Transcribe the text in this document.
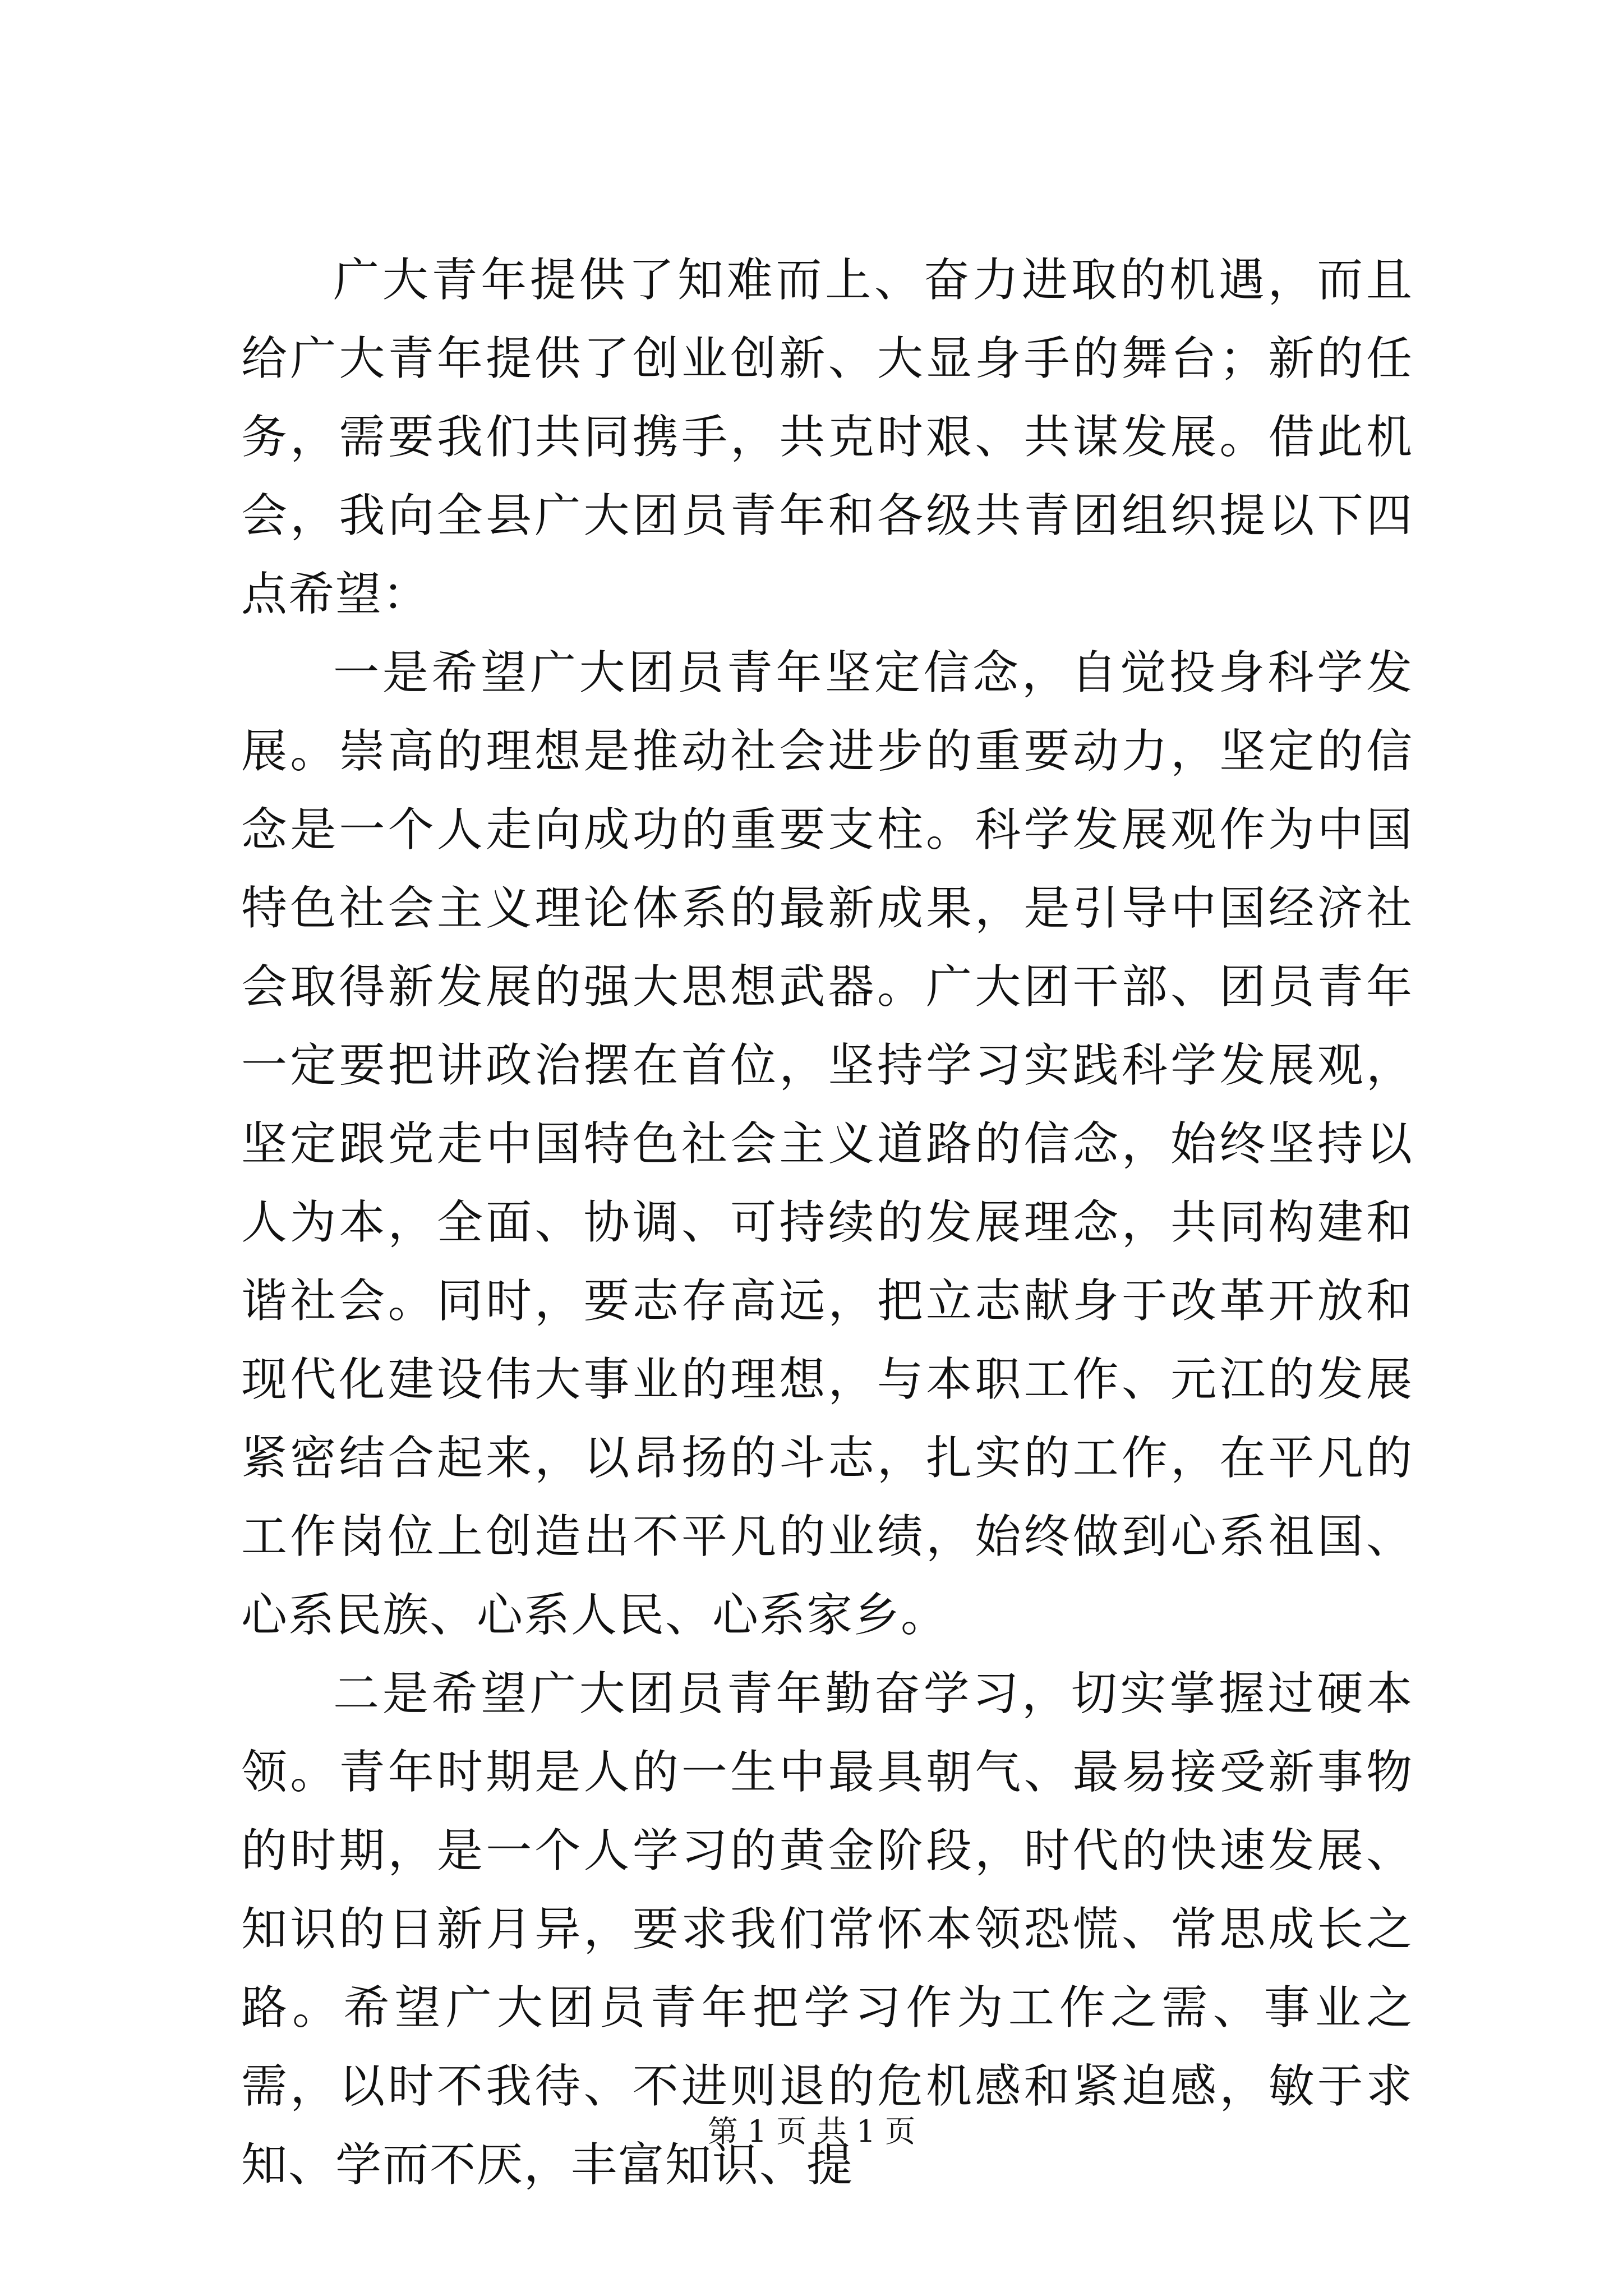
广大青年提供了知难而上、奋力进取的机遇，而且给广大青年提供了创业创新、大显身手的舞台；新的任务，需要我们共同携手，共克时艰、共谋发展。借此机会，我向全县广大团员青年和各级共青团组织提以下四点希望：

一是希望广大团员青年坚定信念，自觉投身科学发展。崇高的理想是推动社会进步的重要动力，坚定的信念是一个人走向成功的重要支柱。科学发展观作为中国特色社会主义理论体系的最新成果，是引导中国经济社会取得新发展的强大思想武器。广大团干部、团员青年一定要把讲政治摆在首位，坚持学习实践科学发展观，坚定跟党走中国特色社会主义道路的信念，始终坚持以人为本，全面、协调、可持续的发展理念，共同构建和谐社会。同时，要志存高远，把立志献身于改革开放和现代化建设伟大事业的理想，与本职工作、元江的发展紧密结合起来，以昂扬的斗志，扎实的工作，在平凡的工作岗位上创造出不平凡的业绩，始终做到心系祖国、心系民族、心系人民、心系家乡。

二是希望广大团员青年勤奋学习，切实掌握过硬本领。青年时期是人的一生中最具朝气、最易接受新事物的时期，是一个人学习的黄金阶段，时代的快速发展、知识的日新月异，要求我们常怀本领恐慌、常思成长之路。希望广大团员青年把学习作为工作之需、事业之需，以时不我待、不进则退的危机感和紧迫感，敏于求知、学而不厌，丰富知识、提

第 1 页 共 1 页
